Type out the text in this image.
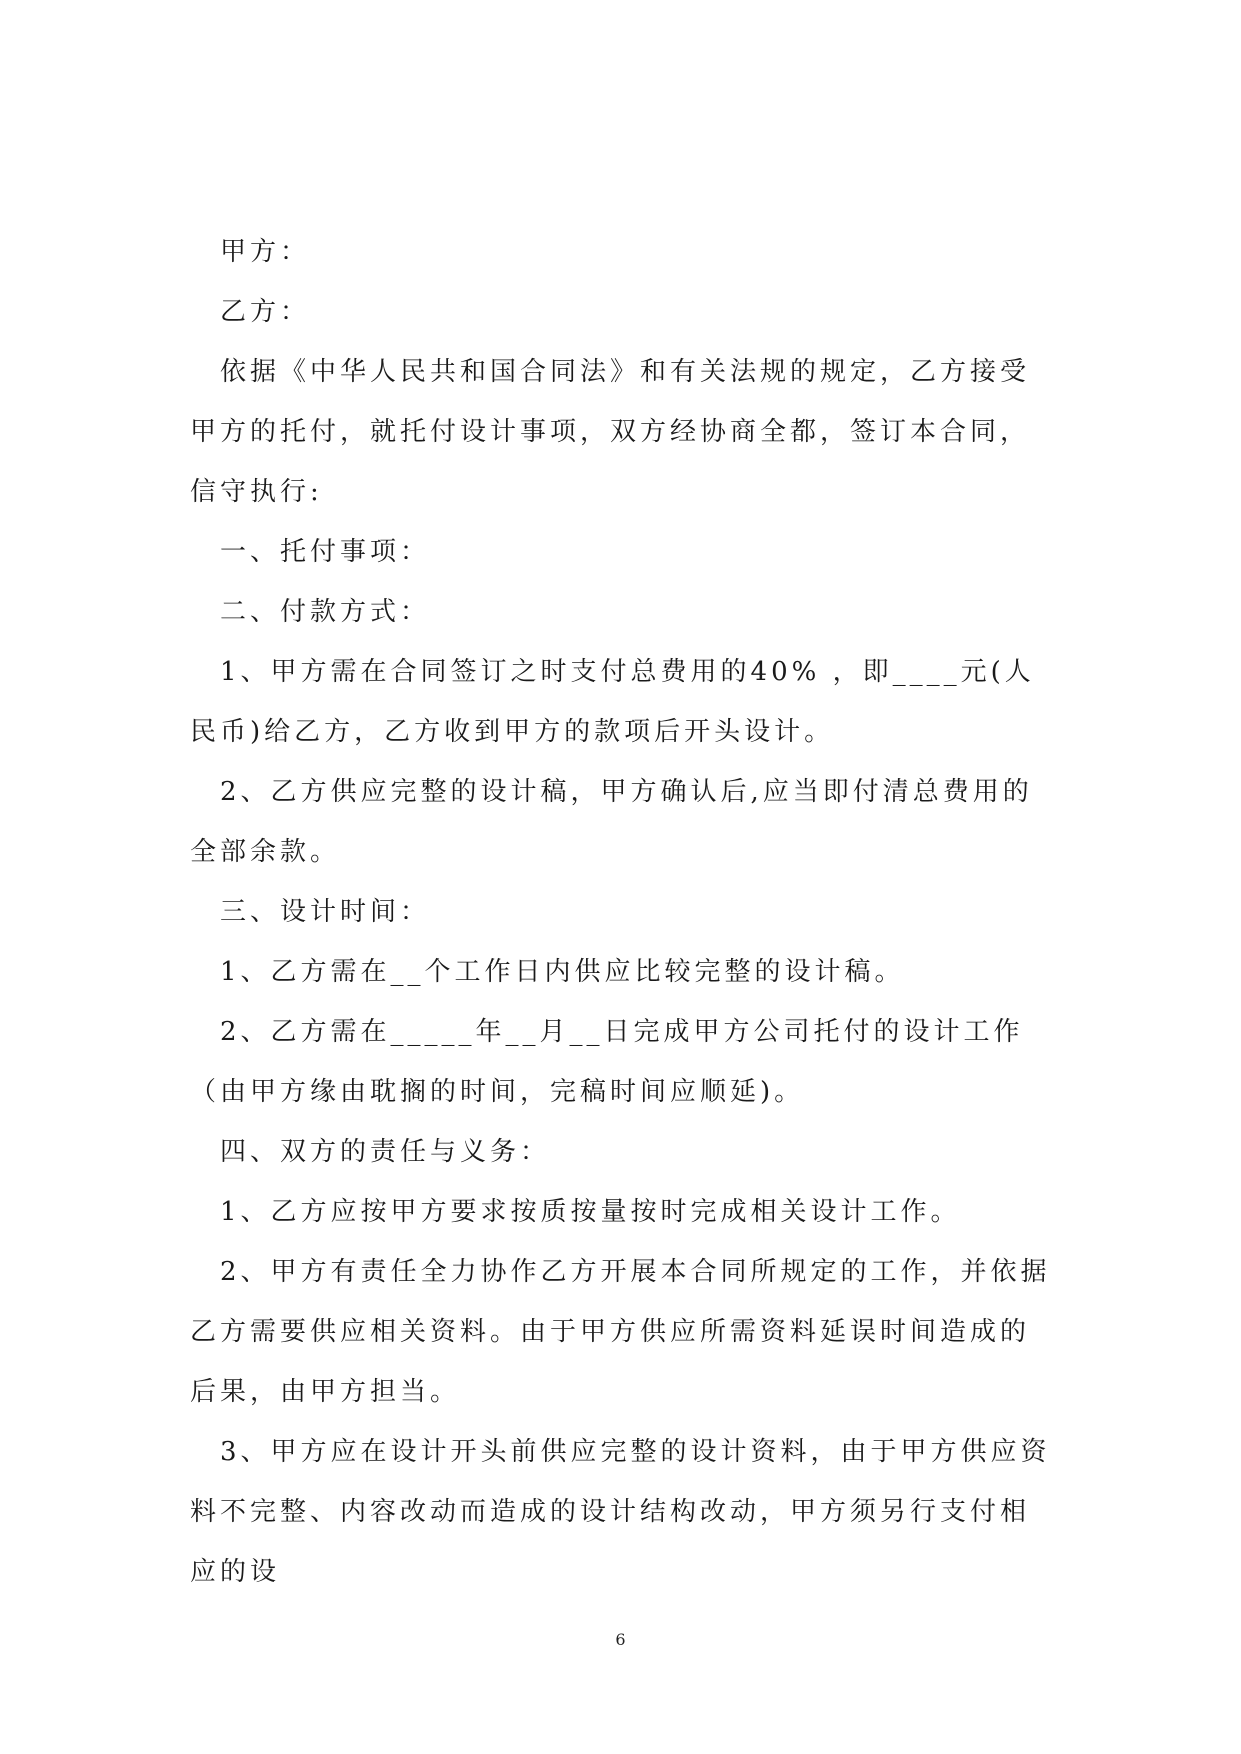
甲方：

乙方：

依据《中华人民共和国合同法》和有关法规的规定，乙方接受甲方的托付，就托付设计事项，双方经协商全都，签订本合同，信守执行:

一、托付事项：

二、付款方式：

1、甲方需在合同签订之时支付总费用的40% ，即____元(人民币)给乙方，乙方收到甲方的款项后开头设计。

2、乙方供应完整的设计稿，甲方确认后,应当即付清总费用的全部余款。

三、设计时间：

1、乙方需在__个工作日内供应比较完整的设计稿。

2、乙方需在_____年__月__日完成甲方公司托付的设计工作（由甲方缘由耽搁的时间，完稿时间应顺延)。

四、双方的责任与义务：

1、乙方应按甲方要求按质按量按时完成相关设计工作。

2、甲方有责任全力协作乙方开展本合同所规定的工作，并依据乙方需要供应相关资料。由于甲方供应所需资料延误时间造成的后果，由甲方担当。

3、甲方应在设计开头前供应完整的设计资料，由于甲方供应资料不完整、内容改动而造成的设计结构改动，甲方须另行支付相应的设

6
